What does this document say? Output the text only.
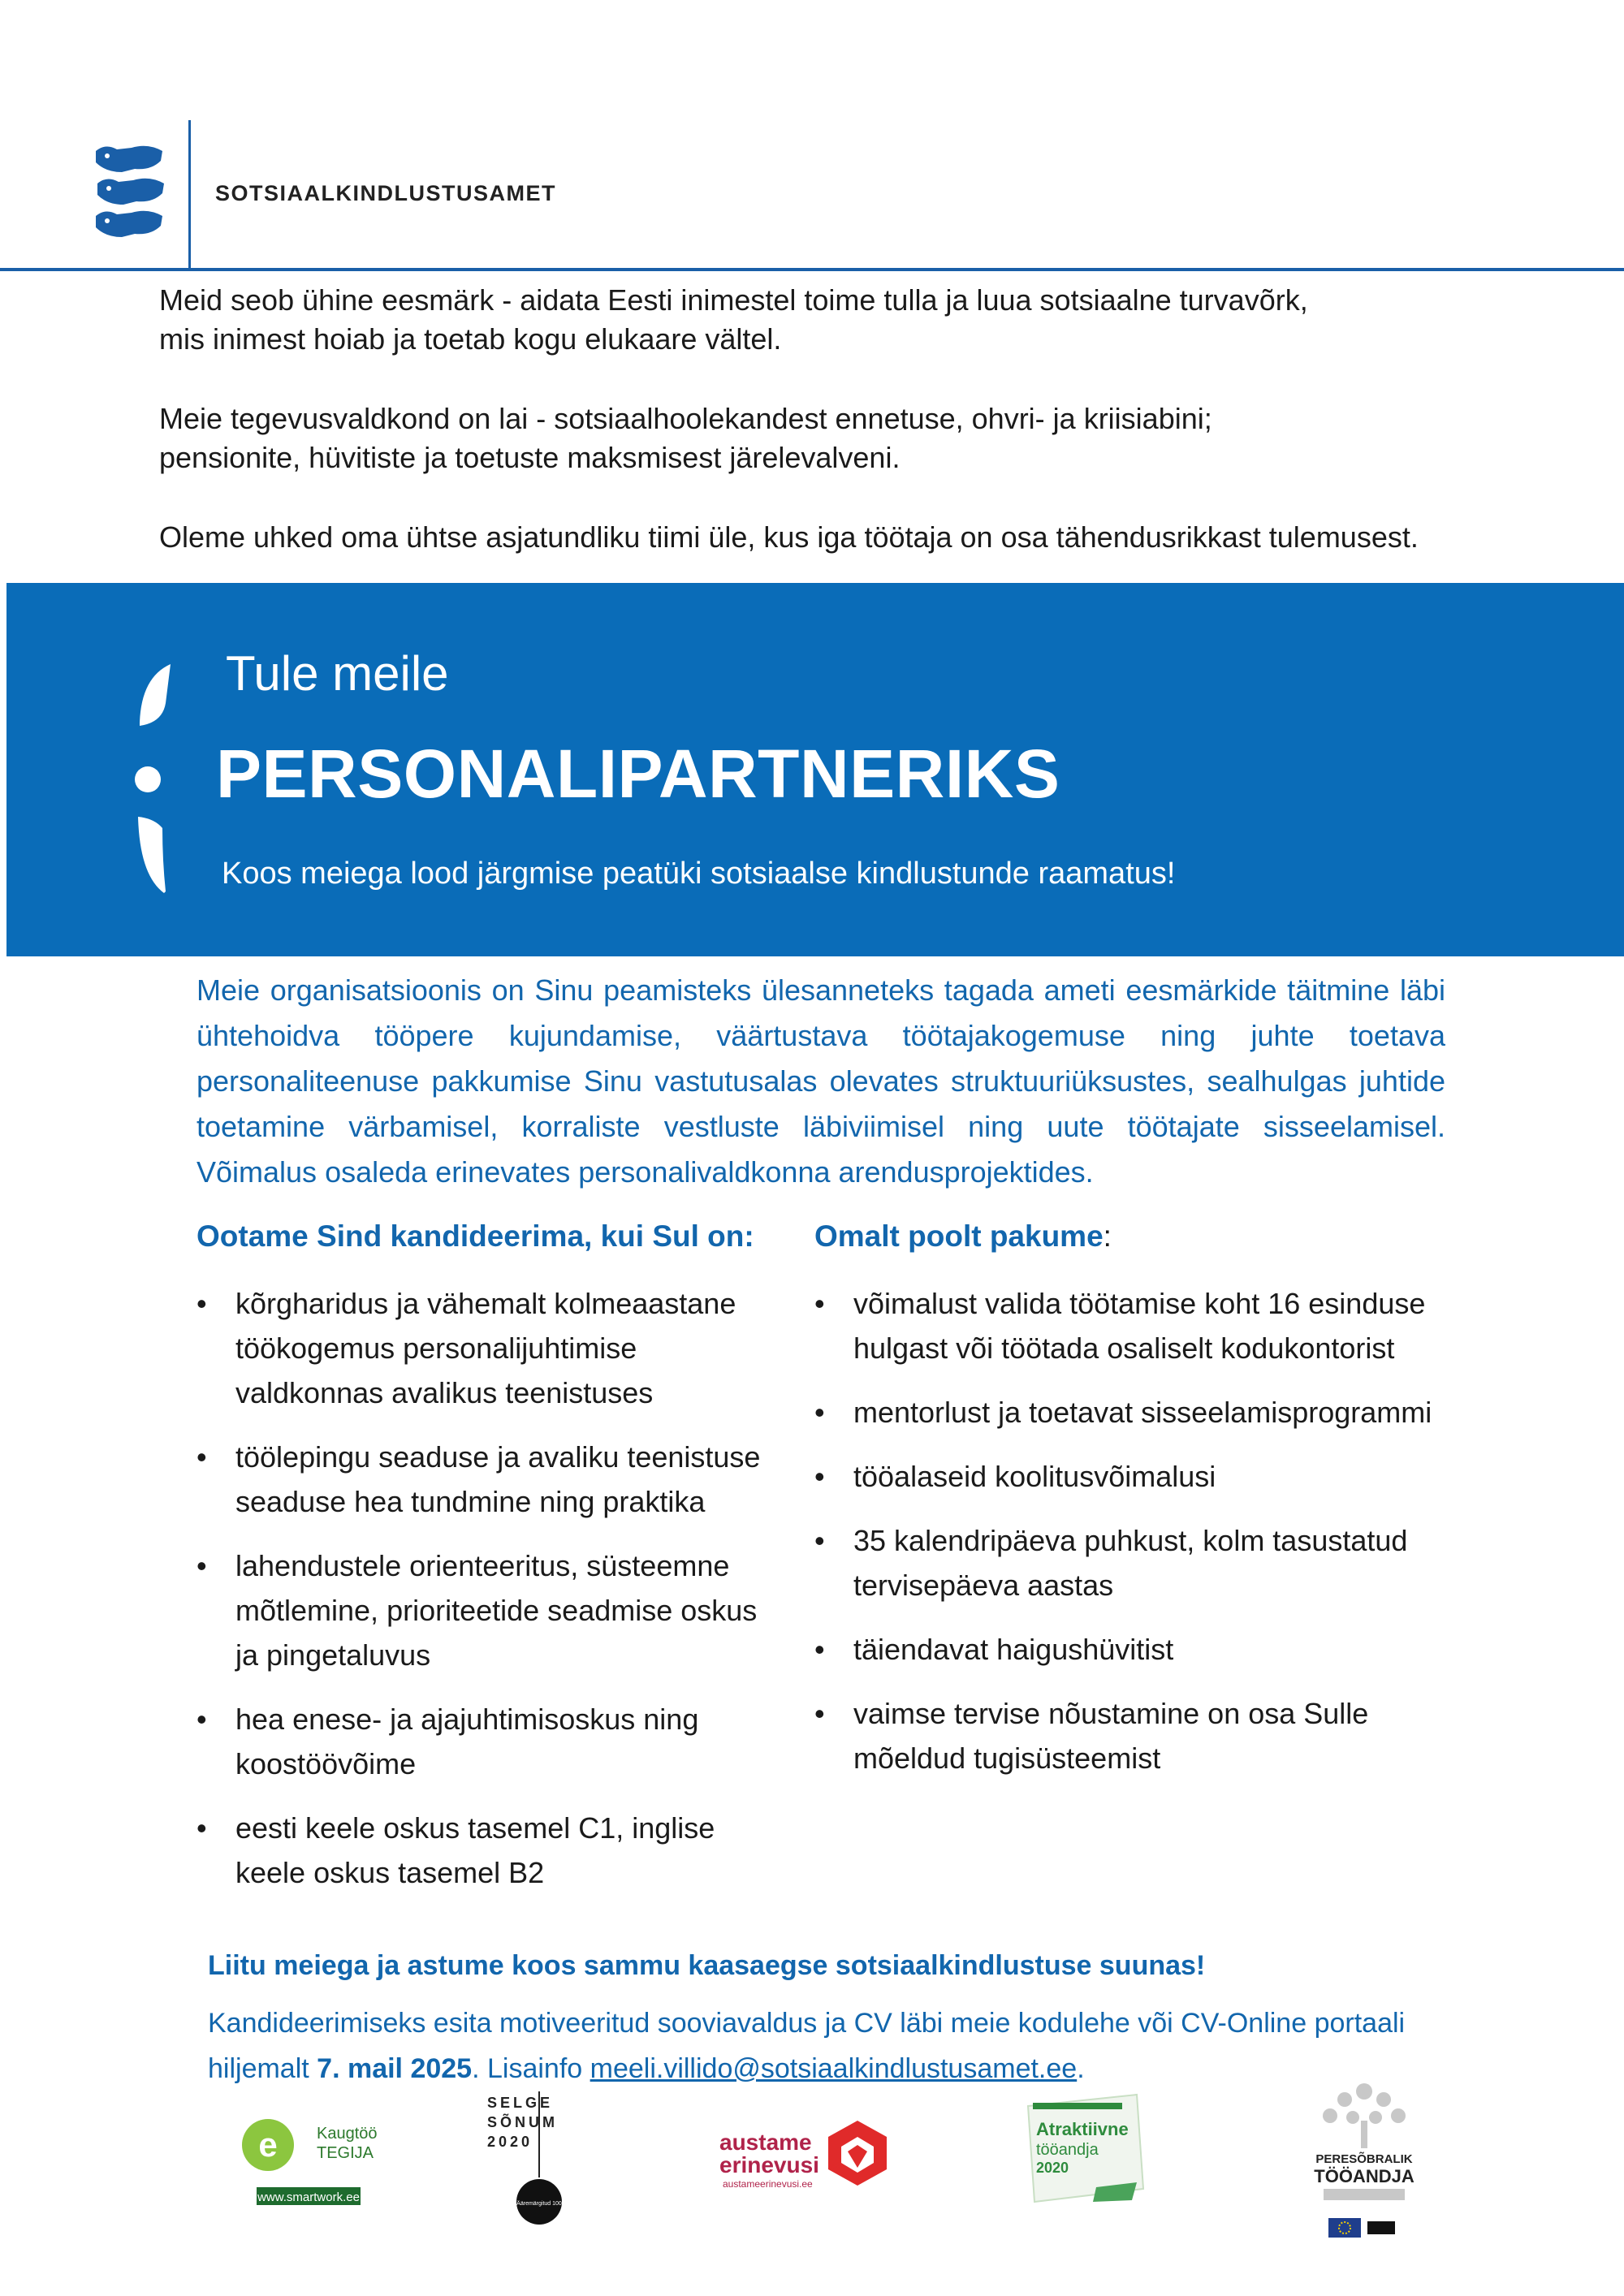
SOTSIAALKINDLUSTUSAMET
Meid seob ühine eesmärk - aidata Eesti inimestel toime tulla ja luua sotsiaalne turvavõrk,
mis inimest hoiab ja toetab kogu elukaare vältel.
Meie tegevusvaldkond on lai - sotsiaalhoolekandest ennetuse, ohvri- ja kriisiabini;
pensionite, hüvitiste ja toetuste maksmisest järelevalveni.
Oleme uhked oma ühtse asjatundliku tiimi üle, kus iga töötaja on osa tähendusrikkast tulemusest.
Tule meile
PERSONALIPARTNERIKS
Koos meiega lood järgmise peatüki sotsiaalse kindlustunde raamatus!
Meie organisatsioonis on Sinu peamisteks ülesanneteks tagada ameti eesmärkide täitmine läbi ühtehoidva tööpere kujundamise, väärtustava töötajakogemuse ning juhte toetava personaliteenuse pakkumise Sinu vastutusalas olevates struktuuriüksustes, sealhulgas juhtide toetamine värbamisel, korraliste vestluste läbiviimisel ning uute töötajate sisseelamisel. Võimalus osaleda erinevates personalivaldkonna arendusprojektides.
Ootame Sind kandideerima, kui Sul on:
• kõrgharidus ja vähemalt kolmeaastane töökogemus personalijuhtimise valdkonnas avalikus teenistuses
• töölepingu seaduse ja avaliku teenistuse seaduse hea tundmine ning praktika
• lahendustele orienteeritus, süsteemne mõtlemine, prioriteetide seadmise oskus ja pingetaluvus
• hea enese- ja ajajuhtimisoskus ning koostöövõime
• eesti keele oskus tasemel C1, inglise keele oskus tasemel B2
Omalt poolt pakume:
• võimalust valida töötamise koht 16 esinduse hulgast või töötada osaliselt kodukontorist
• mentorlust ja toetavat sisseelamisprogrammi
• tööalaseid koolitusvõimalusi
• 35 kalendripäeva puhkust, kolm tasustatud tervisepäeva aastas
• täiendavat haigushüvitist
• vaimse tervise nõustamine on osa Sulle mõeldud tugisüsteemist
Liitu meiega ja astume koos sammu kaasaegse sotsiaalkindlustuse suunas!
Kandideerimiseks esita motiveeritud sooviavaldus ja CV läbi meie kodulehe või CV-Online portaali hiljemalt 7. mail 2025. Lisainfo meeli.villido@sotsiaalkindlustusamet.ee.
e Kaugtöö
TEGIJA
www.smartwork.ee
SELGE
SÕNUM
2020
Ääremärgitud 100
austame
erinevusi
austameerinevusi.ee
Atraktiivne
tööandja
2020
PERESÕBRALIK
TÖÖANDJA
